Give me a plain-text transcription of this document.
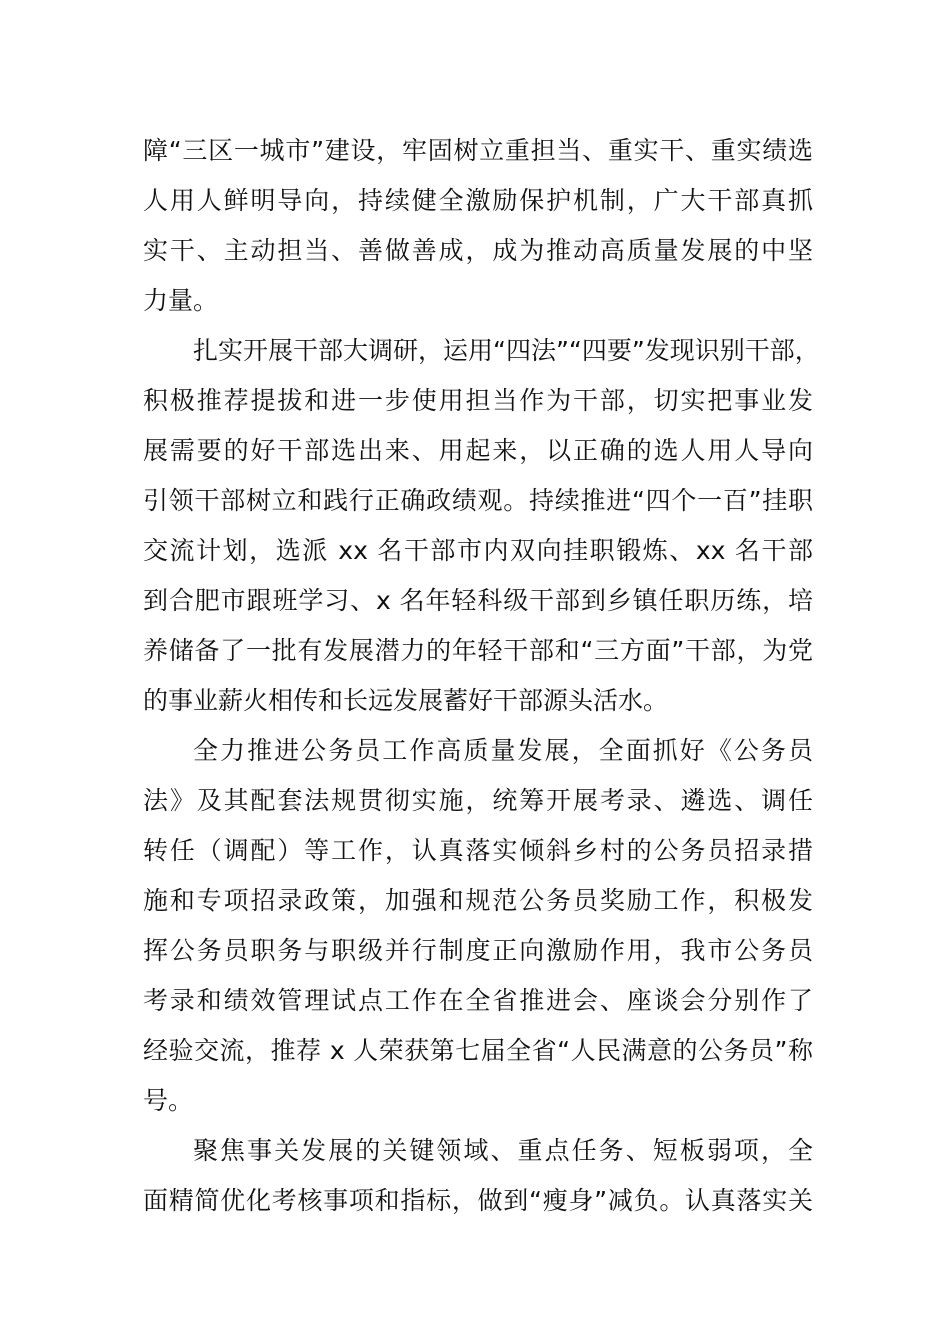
障“三区一城市”建设，牢固树立重担当、重实干、重实绩选
人用人鲜明导向，持续健全激励保护机制，广大干部真抓
实干、主动担当、善做善成，成为推动高质量发展的中坚
力量。
扎实开展干部大调研，运用“四法”“四要”发现识别干部，
积极推荐提拔和进一步使用担当作为干部，切实把事业发
展需要的好干部选出来、用起来，以正确的选人用人导向
引领干部树立和践行正确政绩观。持续推进“四个一百”挂职
交流计划，选派 xx 名干部市内双向挂职锻炼、xx 名干部
到合肥市跟班学习、x 名年轻科级干部到乡镇任职历练，培
养储备了一批有发展潜力的年轻干部和“三方面”干部，为党
的事业薪火相传和长远发展蓄好干部源头活水。
全力推进公务员工作高质量发展，全面抓好《公务员
法》及其配套法规贯彻实施，统筹开展考录、遴选、调任
转任（调配）等工作，认真落实倾斜乡村的公务员招录措
施和专项招录政策，加强和规范公务员奖励工作，积极发
挥公务员职务与职级并行制度正向激励作用，我市公务员
考录和绩效管理试点工作在全省推进会、座谈会分别作了
经验交流，推荐 x 人荣获第七届全省“人民满意的公务员”称
号。
聚焦事关发展的关键领域、重点任务、短板弱项，全
面精简优化考核事项和指标，做到“瘦身”减负。认真落实关
